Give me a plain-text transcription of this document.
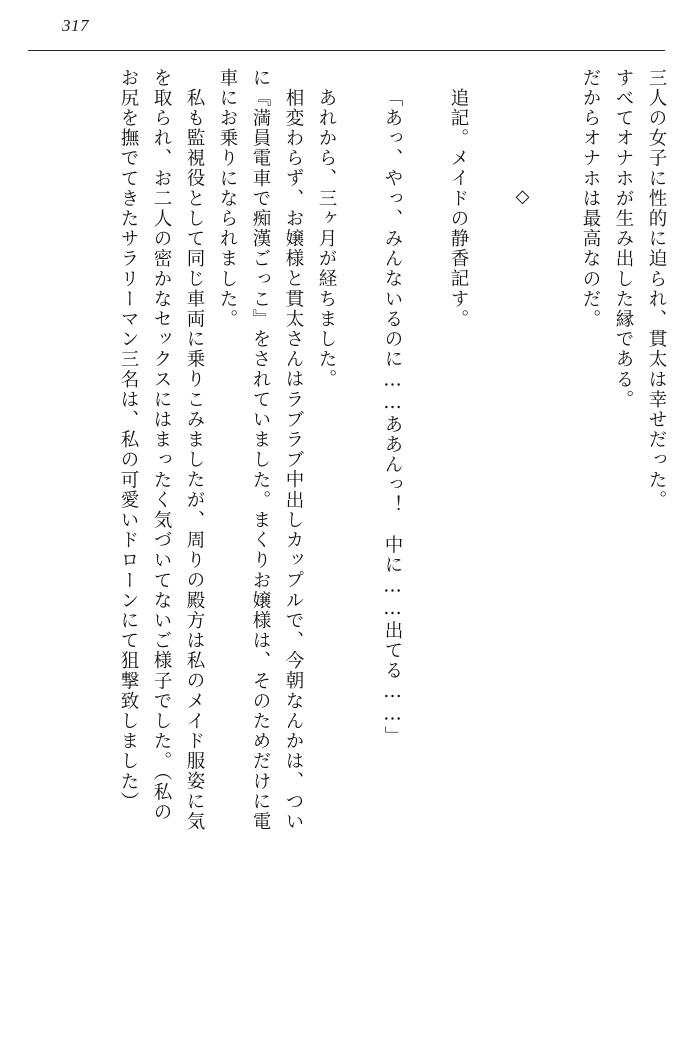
317
三人の女子に性的に迫られ、貫太は幸せだった。
すべてオナホが生み出した縁である。
だからオナホは最高なのだ。
◇
追記。メイドの静香記す。
「あっ、やっ、みんないるのに……ああんっ！　中に……出てる……」
あれから、三ヶ月が経ちました。
相変わらず、お嬢様と貫太さんはラブラブ中出しカップルで、今朝なんかは、つい
に『満員電車で痴漢ごっこ』をされていました。まくりお嬢様は、そのためだけに電
車にお乗りになられました。
私も監視役として同じ車両に乗りこみましたが、周りの殿方は私のメイド服姿に気
を取られ、お二人の密かなセックスにはまったく気づいてないご様子でした。（私の
お尻を撫でてきたサラリーマン三名は、私の可愛いドローンにて狙撃致しました）
